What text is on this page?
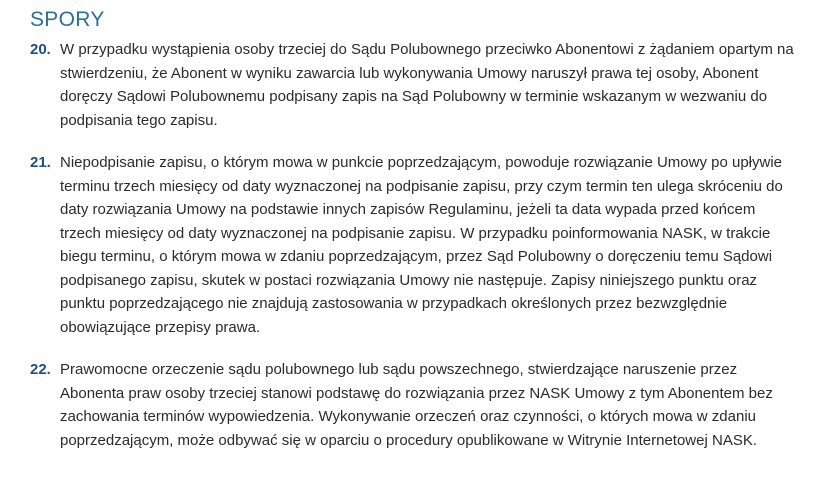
SPORY
20. W przypadku wystąpienia osoby trzeciej do Sądu Polubownego przeciwko Abonentowi z żądaniem opartym na stwierdzeniu, że Abonent w wyniku zawarcia lub wykonywania Umowy naruszył prawa tej osoby, Abonent doręczy Sądowi Polubownemu podpisany zapis na Sąd Polubowny w terminie wskazanym w wezwaniu do podpisania tego zapisu.

21. Niepodpisanie zapisu, o którym mowa w punkcie poprzedzającym, powoduje rozwiązanie Umowy po upływie terminu trzech miesięcy od daty wyznaczonej na podpisanie zapisu, przy czym termin ten ulega skróceniu do daty rozwiązania Umowy na podstawie innych zapisów Regulaminu, jeżeli ta data wypada przed końcem trzech miesięcy od daty wyznaczonej na podpisanie zapisu. W przypadku poinformowania NASK, w trakcie biegu terminu, o którym mowa w zdaniu poprzedzającym, przez Sąd Polubowny o doręczeniu temu Sądowi podpisanego zapisu, skutek w postaci rozwiązania Umowy nie następuje. Zapisy niniejszego punktu oraz punktu poprzedzającego nie znajdują zastosowania w przypadkach określonych przez bezwzględnie obowiązujące przepisy prawa.

22. Prawomocne orzeczenie sądu polubownego lub sądu powszechnego, stwierdzające naruszenie przez Abonenta praw osoby trzeciej stanowi podstawę do rozwiązania przez NASK Umowy z tym Abonentem bez zachowania terminów wypowiedzenia. Wykonywanie orzeczeń oraz czynności, o których mowa w zdaniu poprzedzającym, może odbywać się w oparciu o procedury opublikowane w Witrynie Internetowej NASK.
